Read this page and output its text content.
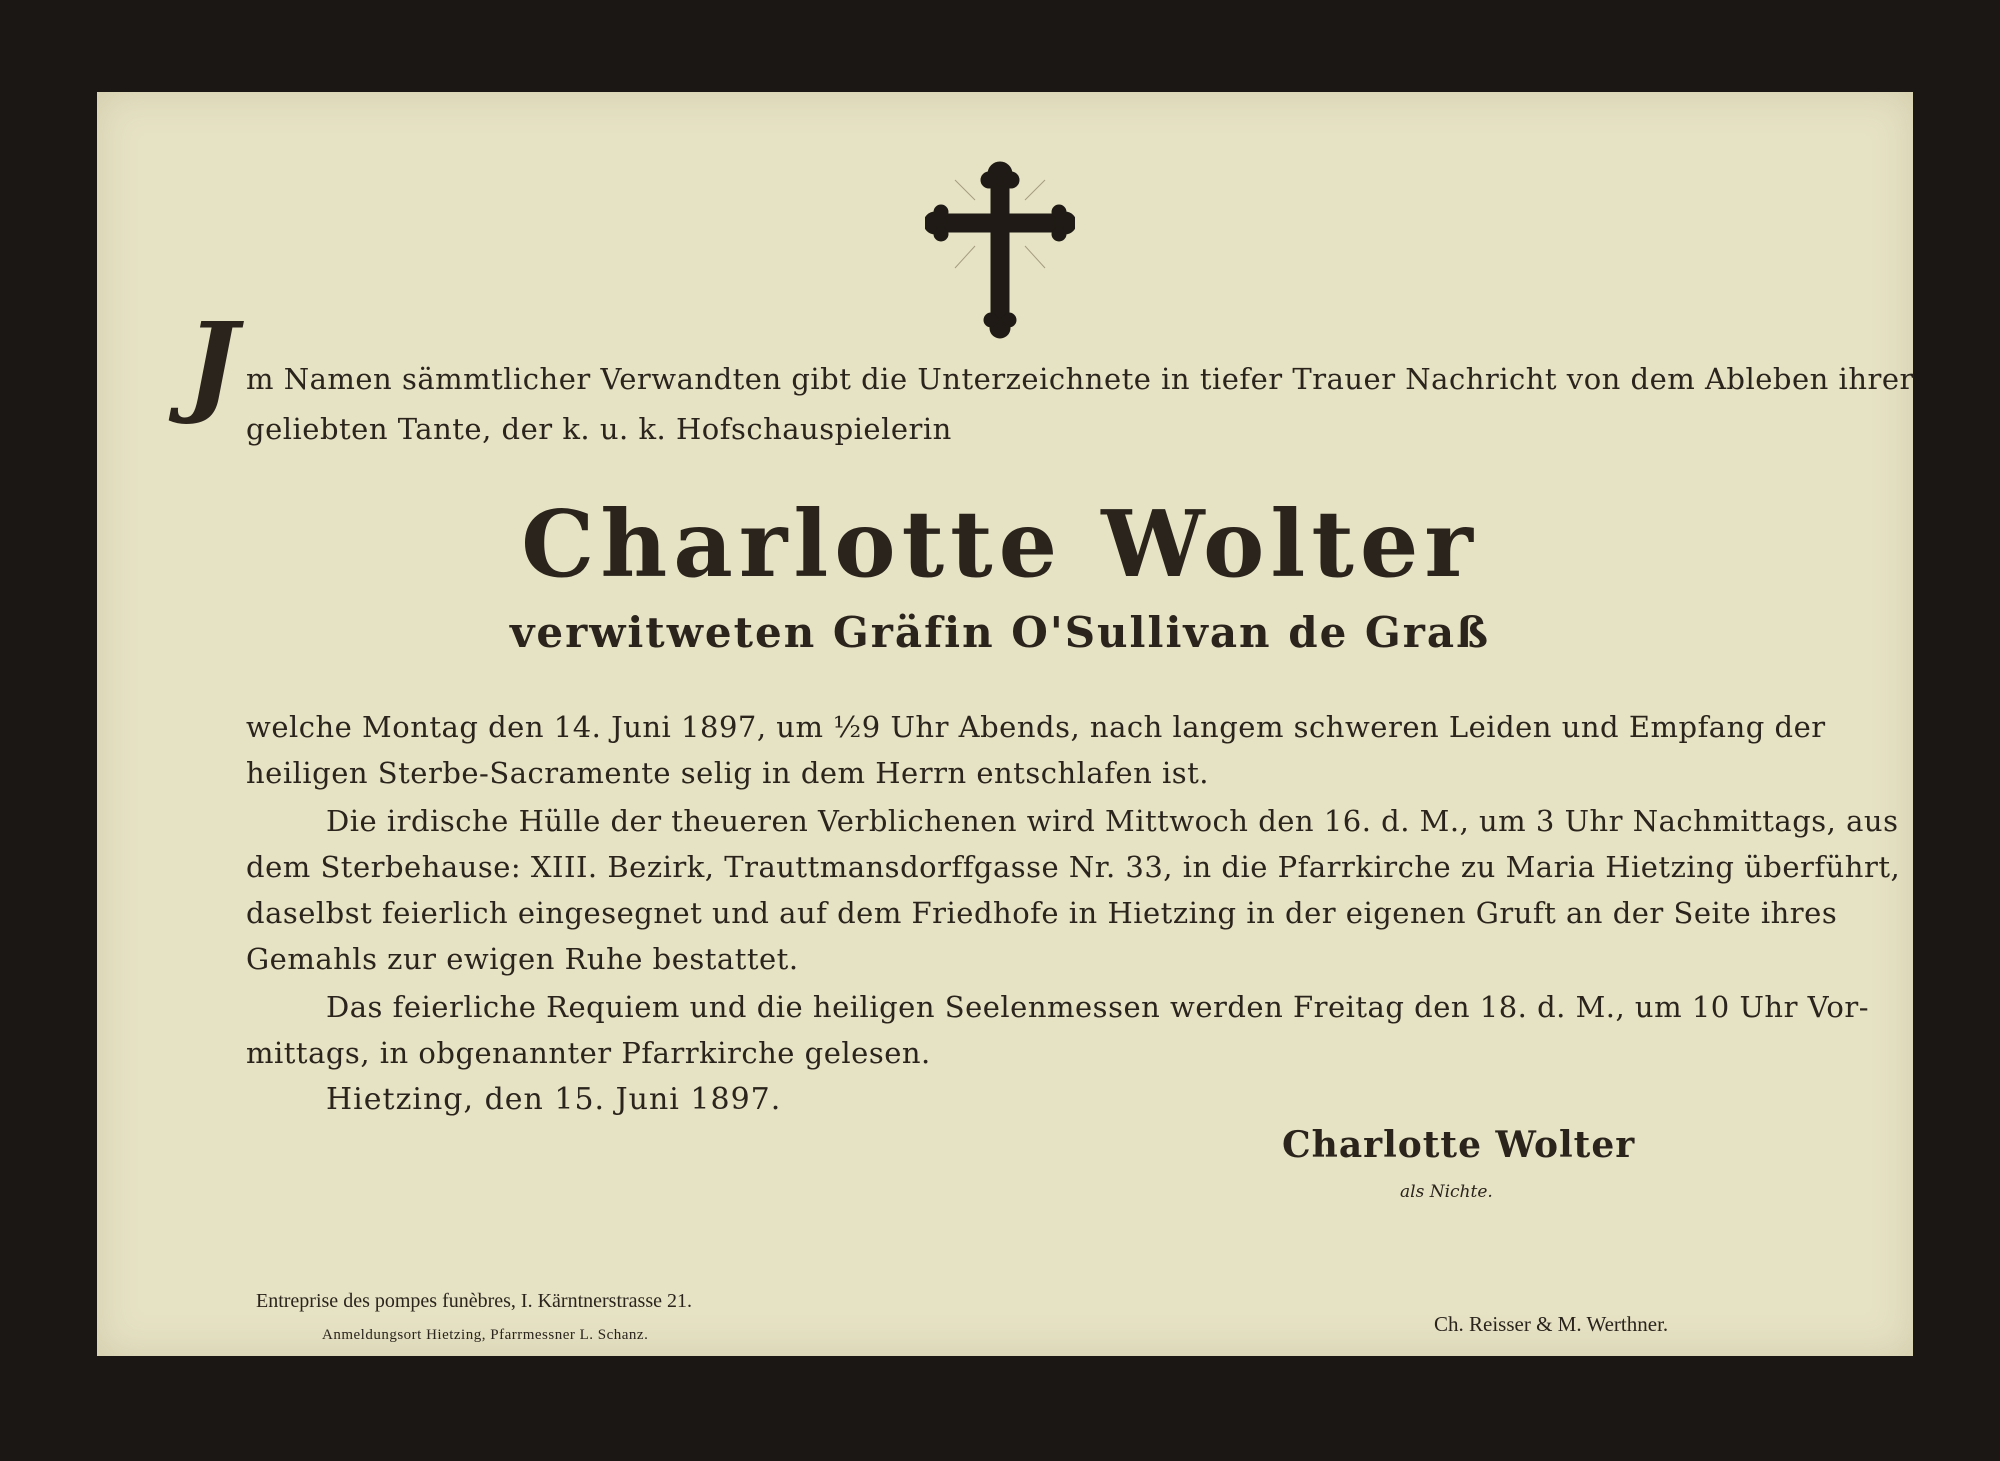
J m Namen sämmtlicher Verwandten gibt die Unterzeichnete in tiefer Trauer Nachricht von dem Ableben ihrer
geliebten Tante, der k. u. k. Hofschauspielerin
Charlotte Wolter
verwitweten Gräfin O'Sullivan de Graß
welche Montag den 14. Juni 1897, um ½9 Uhr Abends, nach langem schweren Leiden und Empfang der
heiligen Sterbe-Sacramente selig in dem Herrn entschlafen ist.
Die irdische Hülle der theueren Verblichenen wird Mittwoch den 16. d. M., um 3 Uhr Nachmittags, aus
dem Sterbehause: XIII. Bezirk, Trauttmansdorffgasse Nr. 33, in die Pfarrkirche zu Maria Hietzing überführt,
daselbst feierlich eingesegnet und auf dem Friedhofe in Hietzing in der eigenen Gruft an der Seite ihres
Gemahls zur ewigen Ruhe bestattet.
Das feierliche Requiem und die heiligen Seelenmessen werden Freitag den 18. d. M., um 10 Uhr Vor-
mittags, in obgenannter Pfarrkirche gelesen.
Hietzing, den 15. Juni 1897.
Charlotte Wolter
als Nichte.
Entreprise des pompes funèbres, I. Kärntnerstrasse 21.
Anmeldungsort Hietzing, Pfarrmessner L. Schanz.	Ch. Reisser & M. Werthner.
